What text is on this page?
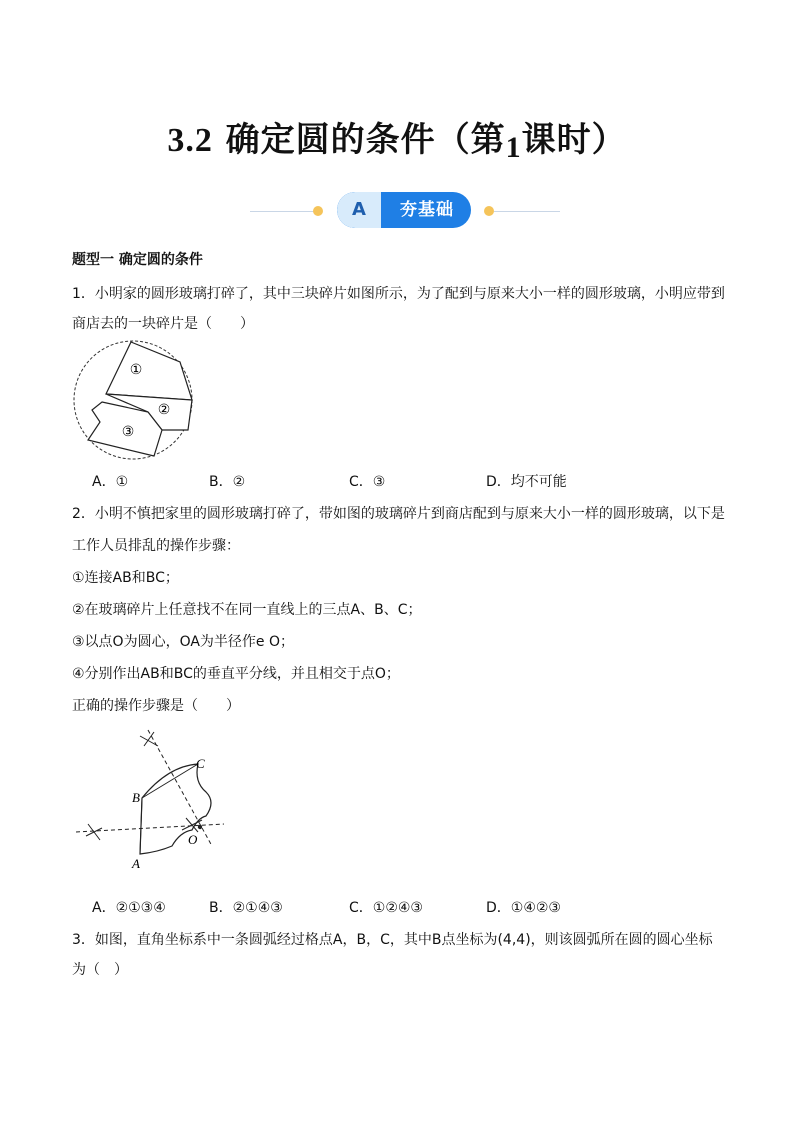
3.2 确定圆的条件（第1课时）
A	夯基础
题型一 确定圆的条件
1．小明家的圆形玻璃打碎了，其中三块碎片如图所示，为了配到与原来大小一样的圆形玻璃，小明应带到
商店去的一块碎片是（　　）
①
②
③
A．①	B．②	C．③	D．均不可能
2．小明不慎把家里的圆形玻璃打碎了，带如图的玻璃碎片到商店配到与原来大小一样的圆形玻璃，以下是
工作人员排乱的操作步骤：
①连接AB和BC；
②在玻璃碎片上任意找不在同一直线上的三点A、B、C；
③以点O为圆心，OA为半径作e O；
④分别作出AB和BC的垂直平分线，并且相交于点O；
正确的操作步骤是（　　）
B
C
A
O
A．②①③④	B．②①④③	C．①②④③	D．①④②③
3．如图，直角坐标系中一条圆弧经过格点A，B，C，其中B点坐标为(4,4)，则该圆弧所在圆的圆心坐标
为（　）
